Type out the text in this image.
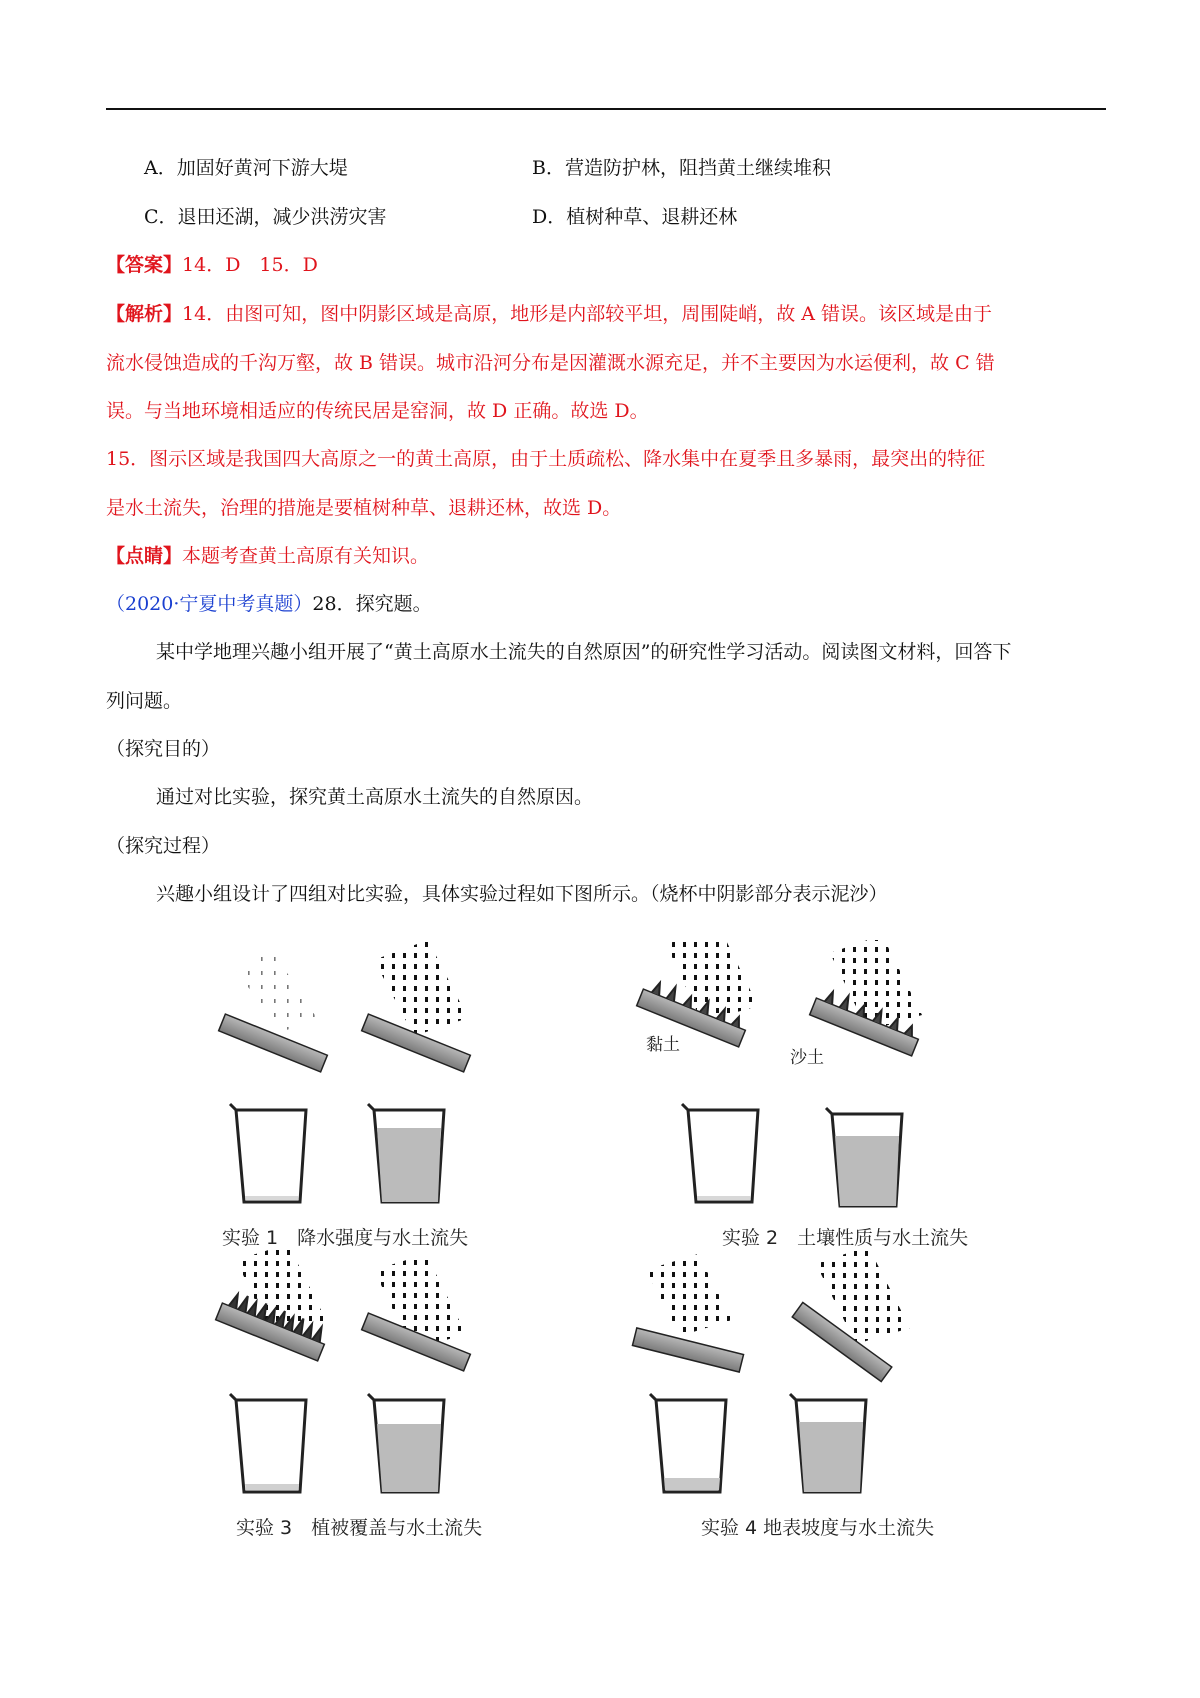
A．加固好黄河下游大堤	B．营造防护林，阻挡黄土继续堆积
C．退田还湖，减少洪涝灾害	D．植树种草、退耕还林
【答案】14．D　15．D
【解析】14．由图可知，图中阴影区域是高原，地形是内部较平坦，周围陡峭，故 A 错误。该区域是由于
流水侵蚀造成的千沟万壑，故 B 错误。城市沿河分布是因灌溉水源充足，并不主要因为水运便利，故 C 错
误。与当地环境相适应的传统民居是窑洞，故 D 正确。故选 D。
15．图示区域是我国四大高原之一的黄土高原，由于土质疏松、降水集中在夏季且多暴雨，最突出的特征
是水土流失，治理的措施是要植树种草、退耕还林，故选 D。
【点睛】本题考查黄土高原有关知识。
（2020·宁夏中考真题）28．探究题。
某中学地理兴趣小组开展了“黄土高原水土流失的自然原因”的研究性学习活动。阅读图文材料，回答下
列问题。
（探究目的）
通过对比实验，探究黄土高原水土流失的自然原因。
（探究过程）
兴趣小组设计了四组对比实验，具体实验过程如下图所示。（烧杯中阴影部分表示泥沙）
黏土
沙土
实验 1　降水强度与水土流失	实验 2　土壤性质与水土流失
实验 3　植被覆盖与水土流失	实验 4 地表坡度与水土流失
